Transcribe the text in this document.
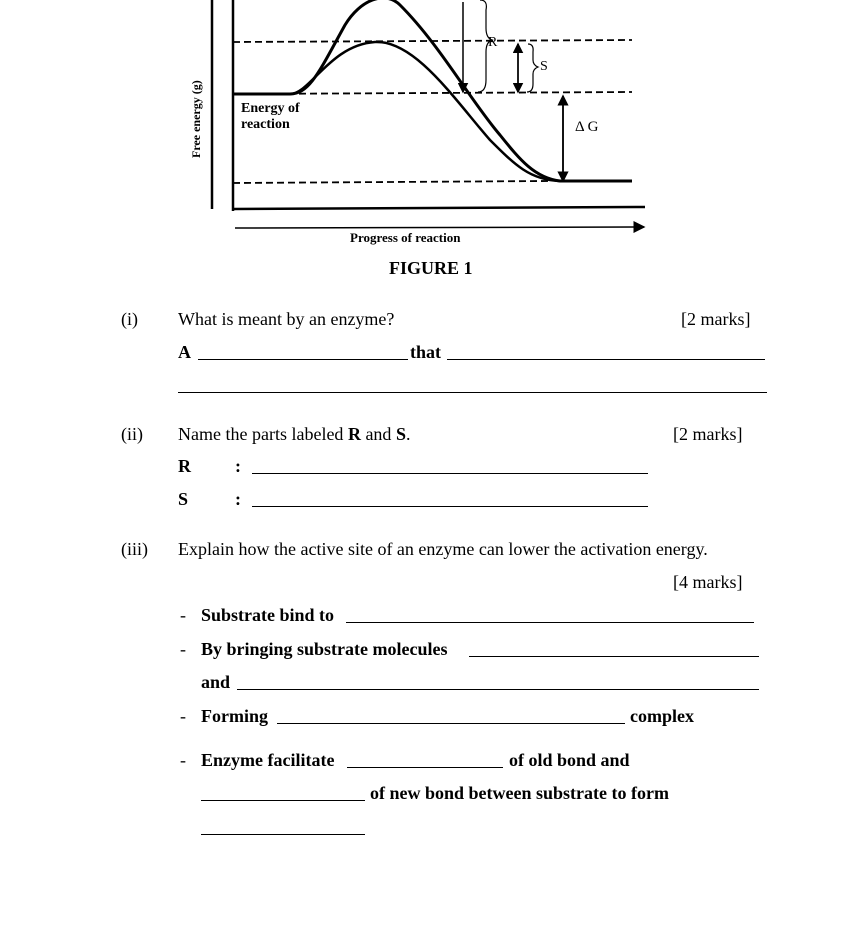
Free energy (g)
Progress of reaction
Energy of
reaction
R
S
Δ G
FIGURE 1
(i) What is meant by an enzyme?	[2 marks]
A	that
(ii) Name the parts labeled R and S.	[2 marks]
R :
S	:
(iii) Explain how the active site of an enzyme can lower the activation energy.
[4 marks]
- Substrate bind to
- By bringing substrate molecules
and
- Forming	complex
- Enzyme facilitate	of old bond and
of new bond between substrate to form
